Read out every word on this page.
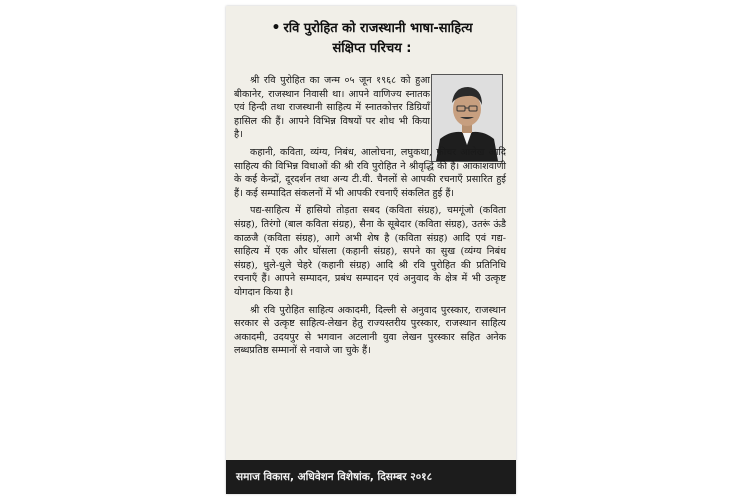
• रवि पुरोहित को राजस्थानी भाषा-साहित्य
संक्षिप्त परिचय :

श्री रवि पुरोहित का जन्म ०५ जून १९६८ को हुआ बीकानेर, राजस्थान निवासी था। आपने वाणिज्य स्नातक एवं हिन्दी तथा राजस्थानी साहित्य में स्नातकोत्तर डिग्रियाँ हासिल की हैं। आपने विभिन्न विषयों पर शोध भी किया है।

कहानी, कविता, व्यंग्य, निबंध, आलोचना, लघुकथा, फीचर आलेख आदि साहित्य की विभिन्न विधाओं की श्री रवि पुरोहित ने श्रीवृद्धि की है। आकाशवाणी के कई केन्द्रों, दूरदर्शन तथा अन्य टी.वी. चैनलों से आपकी रचनाएँ प्रसारित हुई हैं। कई सम्पादित संकलनों में भी आपकी रचनाएँ संकलित हुई हैं।

पद्य-साहित्य में हासियो तोड़ता सबद (कविता संग्रह), चमगूंजो (कविता संग्रह), तिरंगो (बाल कविता संग्रह), सैना के सूबेदार (कविता संग्रह), उतरूं ऊंडै काळजै (कविता संग्रह), आगे अभी शेष है (कविता संग्रह) आदि एवं गद्य-साहित्य में एक और घोंसला (कहानी संग्रह), सपने का सुख (व्यंग्य निबंध संग्रह), धुले-धुले चेहरे (कहानी संग्रह) आदि श्री रवि पुरोहित की प्रतिनिधि रचनाएँ हैं। आपने सम्पादन, प्रबंध सम्पादन एवं अनुवाद के क्षेत्र में भी उत्कृष्ट योगदान किया है।

श्री रवि पुरोहित साहित्य अकादमी, दिल्ली से अनुवाद पुरस्कार, राजस्थान सरकार से उत्कृष्ट साहित्य-लेखन हेतु राज्यस्तरीय पुरस्कार, राजस्थान साहित्य अकादमी, उदयपुर से भगवान अटलानी युवा लेखन पुरस्कार सहित अनेक लब्धप्रतिष्ठ सम्मानों से नवाजे जा चुके हैं।

समाज विकास, अधिवेशन विशेषांक, दिसम्बर २०१८
